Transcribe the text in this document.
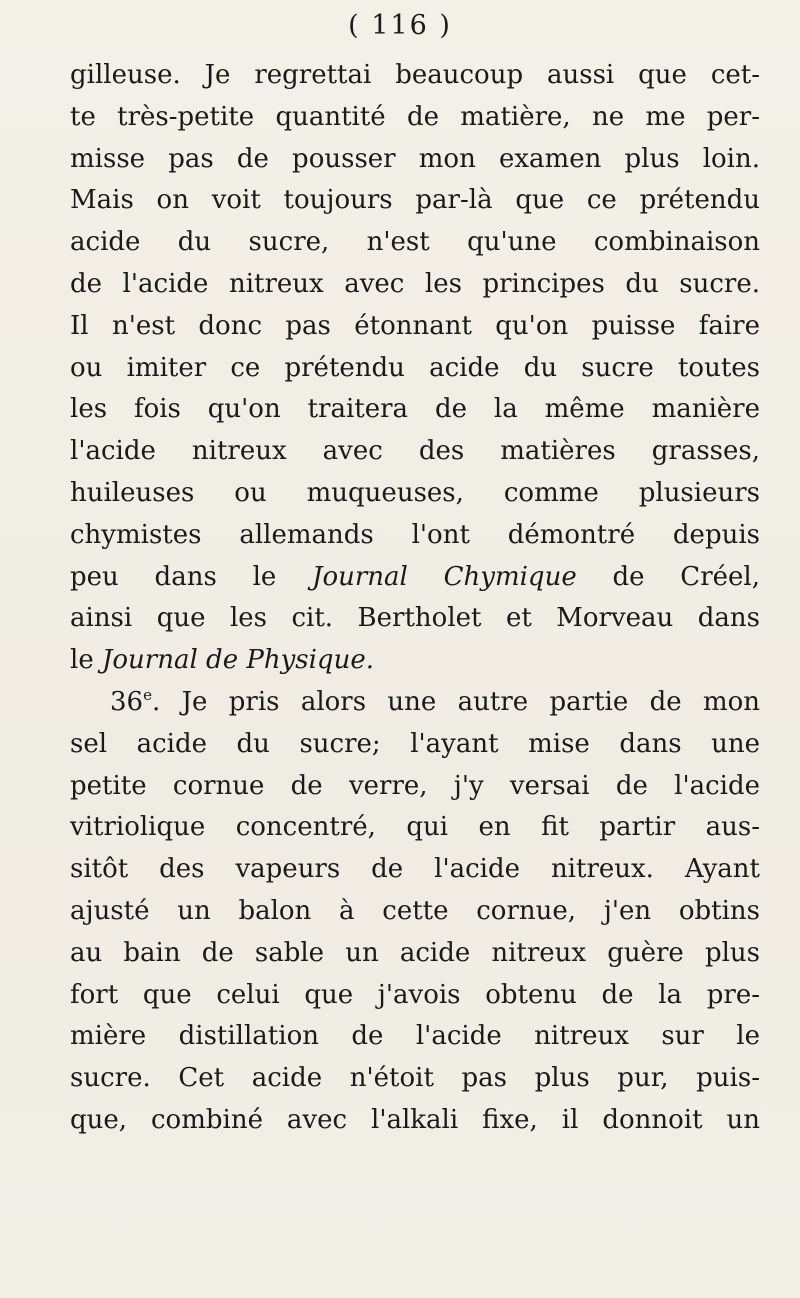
( 116 )
gilleuse. Je regrettai beaucoup aussi que cet-
te très-petite quantité de matière, ne me per-
misse pas de pousser mon examen plus loin.
Mais on voit toujours par-là que ce prétendu
acide du sucre, n'est qu'une combinaison
de l'acide nitreux avec les principes du sucre.
Il n'est donc pas étonnant qu'on puisse faire
ou imiter ce prétendu acide du sucre toutes
les fois qu'on traitera de la même manière
l'acide nitreux avec des matières grasses,
huileuses ou muqueuses, comme plusieurs
chymistes allemands l'ont démontré depuis
peu dans le Journal Chymique de Créel,
ainsi que les cit. Bertholet et Morveau dans
le Journal de Physique.
36e. Je pris alors une autre partie de mon
sel acide du sucre; l'ayant mise dans une
petite cornue de verre, j'y versai de l'acide
vitriolique concentré, qui en fit partir aus-
sitôt des vapeurs de l'acide nitreux. Ayant
ajusté un balon à cette cornue, j'en obtins
au bain de sable un acide nitreux guère plus
fort que celui que j'avois obtenu de la pre-
mière distillation de l'acide nitreux sur le
sucre. Cet acide n'étoit pas plus pur, puis-
que, combiné avec l'alkali fixe, il donnoit un
